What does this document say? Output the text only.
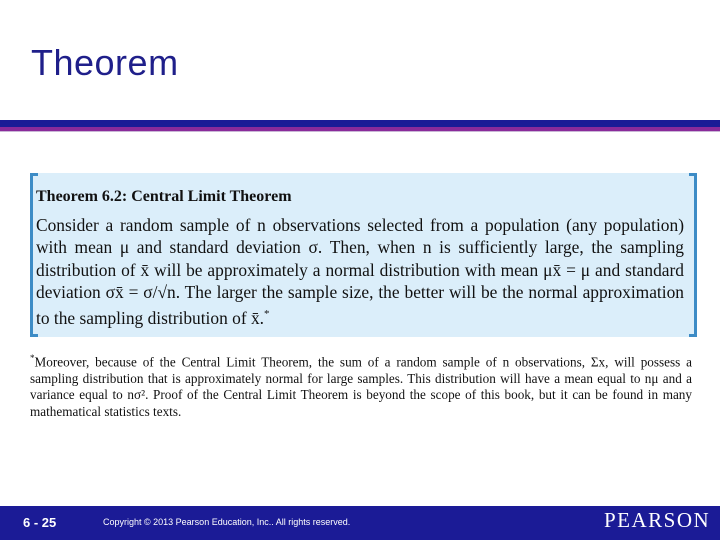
Theorem
Theorem 6.2: Central Limit Theorem
Consider a random sample of n observations selected from a population (any population) with mean μ and standard deviation σ. Then, when n is sufficiently large, the sampling distribution of x̄ will be approximately a normal distribution with mean μx̄ = μ and standard deviation σx̄ = σ/√n. The larger the sample size, the better will be the normal approximation to the sampling distribution of x̄.*
*Moreover, because of the Central Limit Theorem, the sum of a random sample of n observations, Σx, will possess a sampling distribution that is approximately normal for large samples. This distribution will have a mean equal to nμ and a variance equal to nσ². Proof of the Central Limit Theorem is beyond the scope of this book, but it can be found in many mathematical statistics texts.
6 - 25	Copyright © 2013 Pearson Education, Inc.. All rights reserved.	PEARSON
